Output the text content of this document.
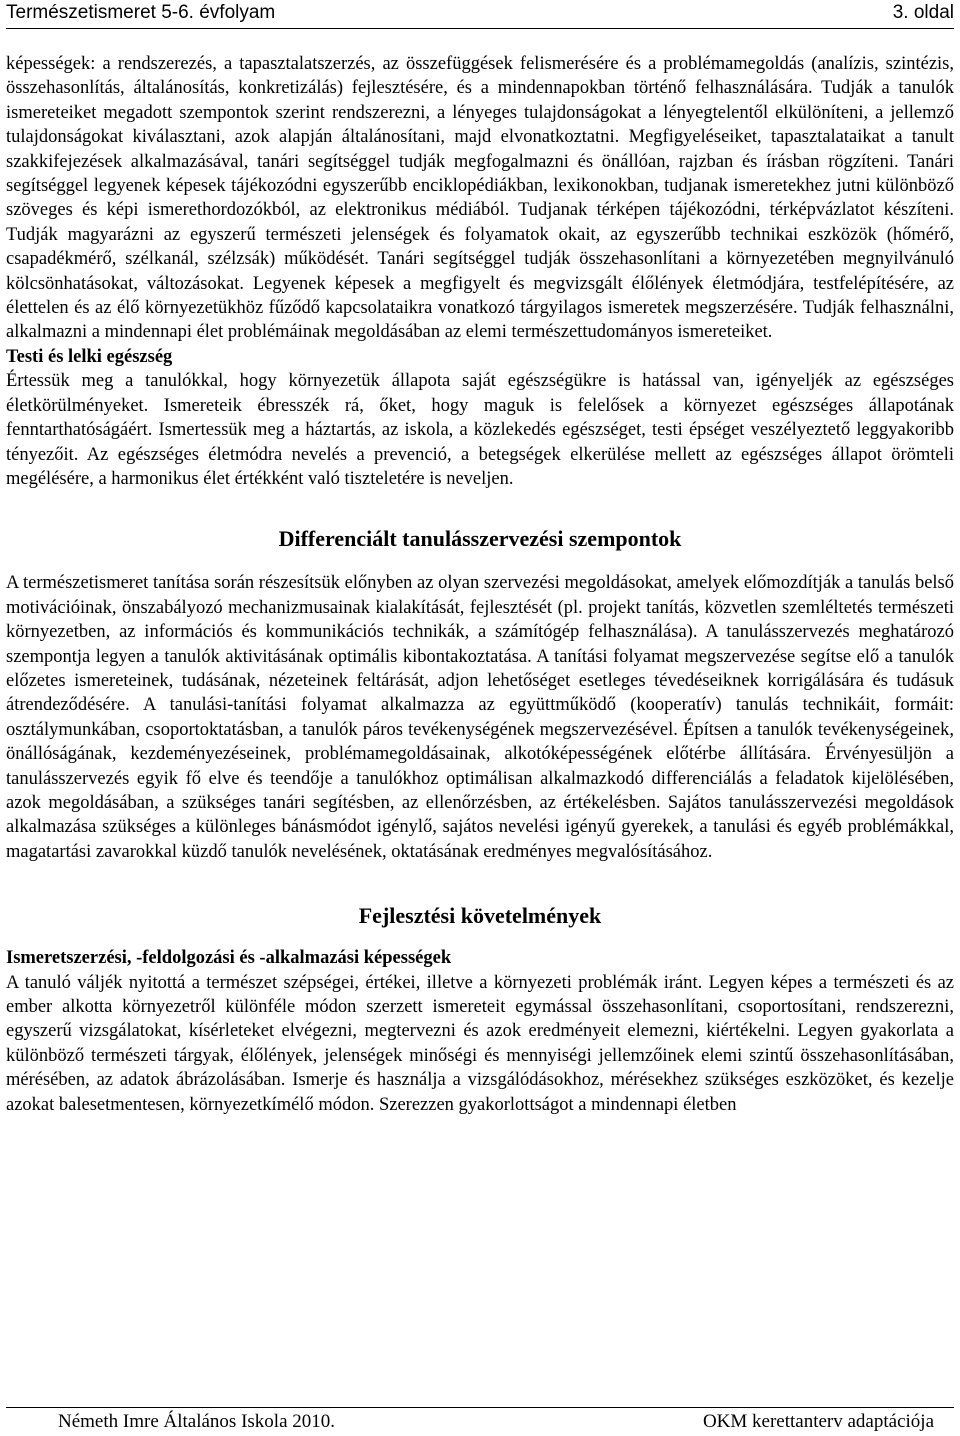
Természetismeret 5-6. évfolyam	3. oldal

képességek: a rendszerezés, a tapasztalatszerzés, az összefüggések felismerésére és a problémamegoldás (analízis, szintézis, összehasonlítás, általánosítás, konkretizálás) fejlesztésére, és a mindennapokban történő felhasználására. Tudják a tanulók ismereteiket megadott szempontok szerint rendszerezni, a lényeges tulajdonságokat a lényegtelentől elkülöníteni, a jellemző tulajdonságokat kiválasztani, azok alapján általánosítani, majd elvonatkoztatni. Megfigyeléseiket, tapasztalataikat a tanult szakkifejezések alkalmazásával, tanári segítséggel tudják megfogalmazni és önállóan, rajzban és írásban rögzíteni. Tanári segítséggel legyenek képesek tájékozódni egyszerűbb enciklopédiákban, lexikonokban, tudjanak ismeretekhez jutni különböző szöveges és képi ismerethordozókból, az elektronikus médiából. Tudjanak térképen tájékozódni, térképvázlatot készíteni. Tudják magyarázni az egyszerű természeti jelenségek és folyamatok okait, az egyszerűbb technikai eszközök (hőmérő, csapadékmérő, szélkanál, szélzsák) működését. Tanári segítséggel tudják összehasonlítani a környezetében megnyilvánuló kölcsönhatásokat, változásokat. Legyenek képesek a megfigyelt és megvizsgált élőlények életmódjára, testfelépítésére, az élettelen és az élő környezetükhöz fűződő kapcsolataikra vonatkozó tárgyilagos ismeretek megszerzésére. Tudják felhasználni, alkalmazni a mindennapi élet problémáinak megoldásában az elemi természettudományos ismereteiket.

Testi és lelki egészség

Értessük meg a tanulókkal, hogy környezetük állapota saját egészségükre is hatással van, igényeljék az egészséges életkörülményeket. Ismereteik ébresszék rá, őket, hogy maguk is felelősek a környezet egészséges állapotának fenntarthatóságáért. Ismertessük meg a háztartás, az iskola, a közlekedés egészséget, testi épséget veszélyeztető leggyakoribb tényezőit. Az egészséges életmódra nevelés a prevenció, a betegségek elkerülése mellett az egészséges állapot örömteli megélésére, a harmonikus élet értékként való tiszteletére is neveljen.

Differenciált tanulásszervezési szempontok

A természetismeret tanítása során részesítsük előnyben az olyan szervezési megoldásokat, amelyek előmozdítják a tanulás belső motivációinak, önszabályozó mechanizmusainak kialakítását, fejlesztését (pl. projekt tanítás, közvetlen szemléltetés természeti környezetben, az információs és kommunikációs technikák, a számítógép felhasználása). A tanulásszervezés meghatározó szempontja legyen a tanulók aktivitásának optimális kibontakoztatása. A tanítási folyamat megszervezése segítse elő a tanulók előzetes ismereteinek, tudásának, nézeteinek feltárását, adjon lehetőséget esetleges tévedéseiknek korrigálására és tudásuk átrendeződésére. A tanulási-tanítási folyamat alkalmazza az együttműködő (kooperatív) tanulás technikáit, formáit: osztálymunkában, csoportoktatásban, a tanulók páros tevékenységének megszervezésével. Építsen a tanulók tevékenységeinek, önállóságának, kezdeményezéseinek, problémamegoldásainak, alkotóképességének előtérbe állítására. Érvényesüljön a tanulásszervezés egyik fő elve és teendője a tanulókhoz optimálisan alkalmazkodó differenciálás a feladatok kijelölésében, azok megoldásában, a szükséges tanári segítésben, az ellenőrzésben, az értékelésben. Sajátos tanulásszervezési megoldások alkalmazása szükséges a különleges bánásmódot igénylő, sajátos nevelési igényű gyerekek, a tanulási és egyéb problémákkal, magatartási zavarokkal küzdő tanulók nevelésének, oktatásának eredményes megvalósításához.

Fejlesztési követelmények

Ismeretszerzési, -feldolgozási és -alkalmazási képességek

A tanuló váljék nyitottá a természet szépségei, értékei, illetve a környezeti problémák iránt. Legyen képes a természeti és az ember alkotta környezetről különféle módon szerzett ismereteit egymással összehasonlítani, csoportosítani, rendszerezni, egyszerű vizsgálatokat, kísérleteket elvégezni, megtervezni és azok eredményeit elemezni, kiértékelni. Legyen gyakorlata a különböző természeti tárgyak, élőlények, jelenségek minőségi és mennyiségi jellemzőinek elemi szintű összehasonlításában, mérésében, az adatok ábrázolásában. Ismerje és használja a vizsgálódásokhoz, mérésekhez szükséges eszközöket, és kezelje azokat balesetmentesen, környezetkímélő módon. Szerezzen gyakorlottságot a mindennapi életben

Németh Imre Általános Iskola 2010.	OKM kerettanterv adaptációja
